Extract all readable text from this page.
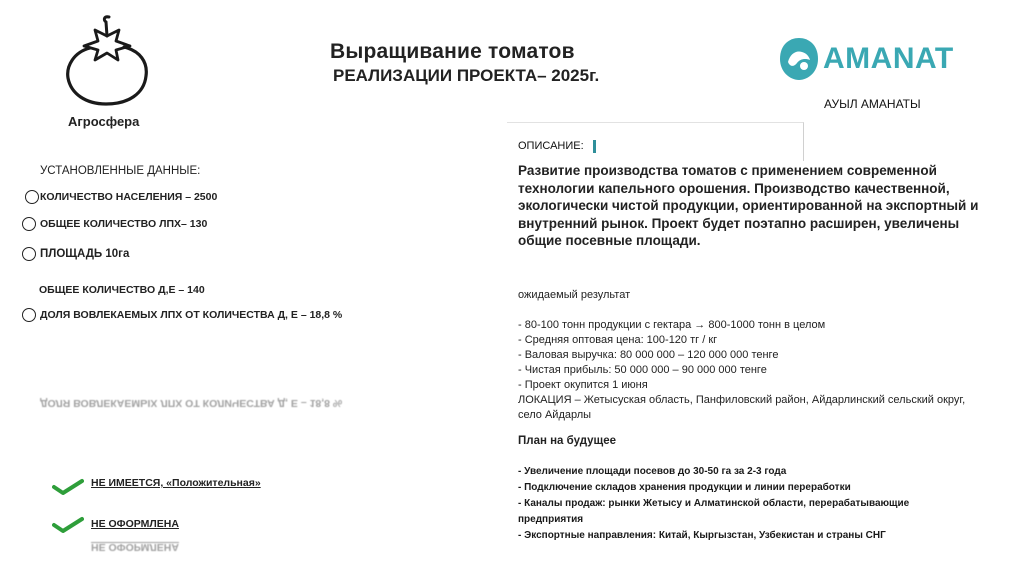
Выращивание томатов
РЕАЛИЗАЦИИ ПРОЕКТА– 2025г.
Агросфера
AMANAT
АУЫЛ АМАНАТЫ
УСТАНОВЛЕННЫЕ ДАННЫЕ:
КОЛИЧЕСТВО НАСЕЛЕНИЯ – 2500
ОБЩЕЕ КОЛИЧЕСТВО ЛПХ– 130
ПЛОЩАДЬ 10га
ОБЩЕЕ КОЛИЧЕСТВО Д,Е – 140
ДОЛЯ ВОВЛЕКАЕМЫХ ЛПХ ОТ КОЛИЧЕСТВА Д, Е – 18,8 %
ДОЛЯ ВОВЛЕКАЕМЫХ ЛПХ ОТ КОЛИЧЕСТВА Д, Е – 18,8 %
НЕ ИМЕЕТСЯ, «Положительная»
НЕ ОФОРМЛЕНА
НЕ ОФОРМЛЕНА
ОПИСАНИЕ:
Развитие производства томатов с применением современной технологии капельного орошения. Производство качественной, экологически чистой продукции, ориентированной на экспортный и внутренний рынок. Проект будет поэтапно расширен, увеличены общие посевные площади.
ожидаемый результат
- 80-100 тонн продукции с гектара → 800-1000 тонн в целом
- Средняя оптовая цена: 100-120 тг / кг
- Валовая выручка: 80 000 000 – 120 000 000 тенге
- Чистая прибыль: 50 000 000 – 90 000 000 тенге
- Проект окупится 1 июня
ЛОКАЦИЯ – Жетысуская область, Панфиловский район, Айдарлинский сельский округ, село Айдарлы
План на будущее
- Увеличение площади посевов до 30-50 га за 2-3 года
- Подключение складов хранения продукции и линии переработки
- Каналы продаж: рынки Жетысу и Алматинской области, перерабатывающие предприятия
- Экспортные направления: Китай, Кыргызстан, Узбекистан и страны СНГ
